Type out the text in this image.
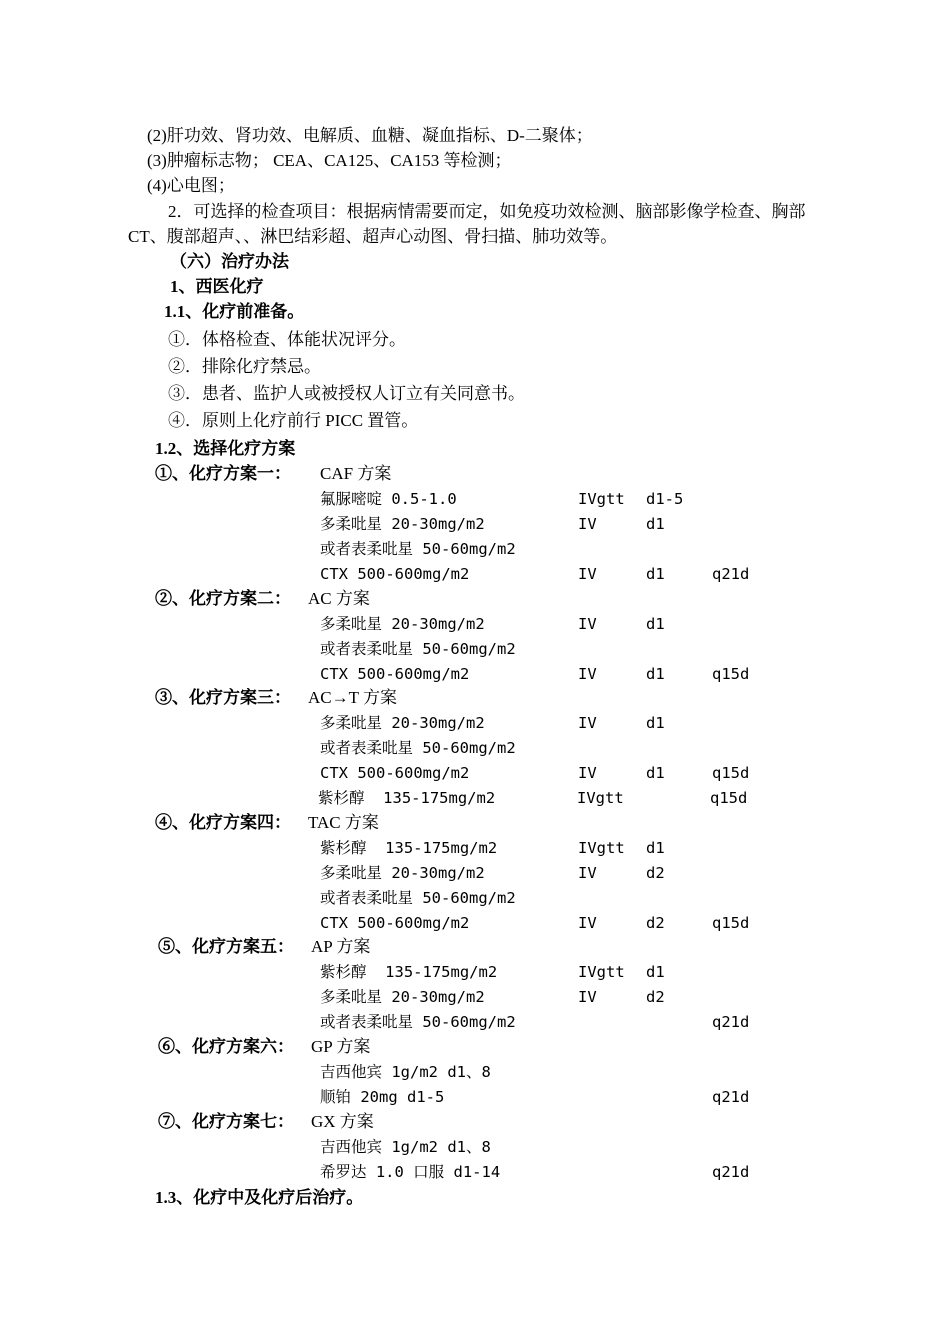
(2)肝功效、肾功效、电解质、血糖、凝血指标、D-二聚体；
(3)肿瘤标志物； CEA、CA125、CA153 等检测；
(4)心电图；
2．可选择的检查项目：根据病情需要而定，如免疫功效检测、脑部影像学检查、胸部 CT、腹部超声、、淋巴结彩超、超声心动图、骨扫描、肺功效等。
（六）治疗办法
1、西医化疗
1.1、化疗前准备。
①．体格检查、体能状况评分。
②．排除化疗禁忌。
③．患者、监护人或被授权人订立有关同意书。
④．原则上化疗前行 PICC 置管。
1.2、选择化疗方案
①、化疗方案一： CAF 方案
氟脲嘧啶 0.5-1.0	IVgtt d1-5
多柔吡星 20-30mg/m2	IV	d1
或者表柔吡星 50-60mg/m2
CTX 500-600mg/m2	IV	d1	q21d
②、化疗方案二： AC 方案
多柔吡星 20-30mg/m2	IV	d1
或者表柔吡星 50-60mg/m2
CTX 500-600mg/m2	IV	d1	q15d
③、化疗方案三： AC→T 方案
多柔吡星 20-30mg/m2	IV	d1
或者表柔吡星 50-60mg/m2
CTX 500-600mg/m2	IV	d1	q15d
紫杉醇  135-175mg/m2	IVgtt	q15d
④、化疗方案四： TAC 方案
紫杉醇  135-175mg/m2	IVgtt d1
多柔吡星 20-30mg/m2	IV	d2
或者表柔吡星 50-60mg/m2
CTX 500-600mg/m2	IV	d2	q15d
⑤、化疗方案五： AP 方案
紫杉醇  135-175mg/m2	IVgtt d1
多柔吡星 20-30mg/m2	IV	d2
或者表柔吡星 50-60mg/m2	q21d
⑥、化疗方案六： GP 方案
吉西他宾 1g/m2 d1、8
顺铂 20mg d1-5	q21d
⑦、化疗方案七： GX 方案
吉西他宾 1g/m2 d1、8
希罗达 1.0 口服 d1-14	q21d
1.3、化疗中及化疗后治疗。
